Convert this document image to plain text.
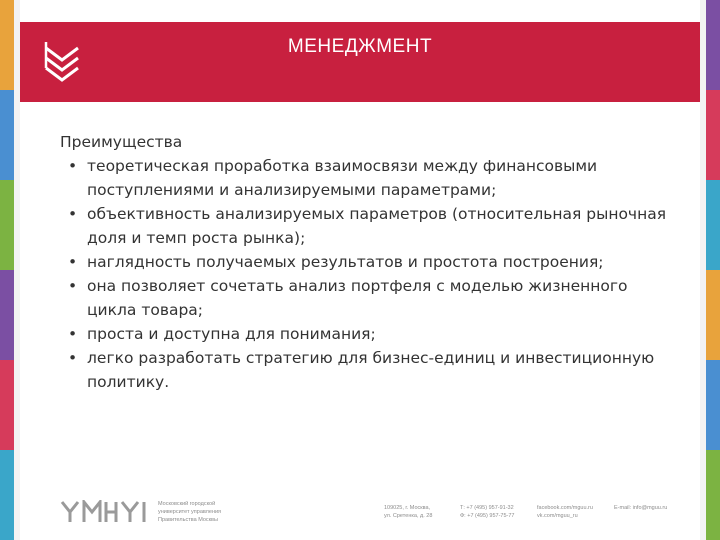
МЕНЕДЖМЕНТ

Преимущества

• теоретическая проработка взаимосвязи между финансовыми поступлениями и анализируемыми параметрами;
• объективность анализируемых параметров (относительная рыночная доля и темп роста рынка);
• наглядность получаемых результатов и простота построения;
• она позволяет сочетать анализ портфеля с моделью жизненного цикла товара;
• проста и доступна для понимания;
• легко разработать стратегию для бизнес-единиц и инвестиционную политику.
Московский городской
университет управления
Правительства Москвы
109025, г. Москва,
ул. Сретенка, д. 28
Т: +7 (495) 957-91-32
Ф: +7 (495) 957-75-77
facebook.com/mguu.ru
vk.com/mguu_ru
E-mail: info@mguu.ru
